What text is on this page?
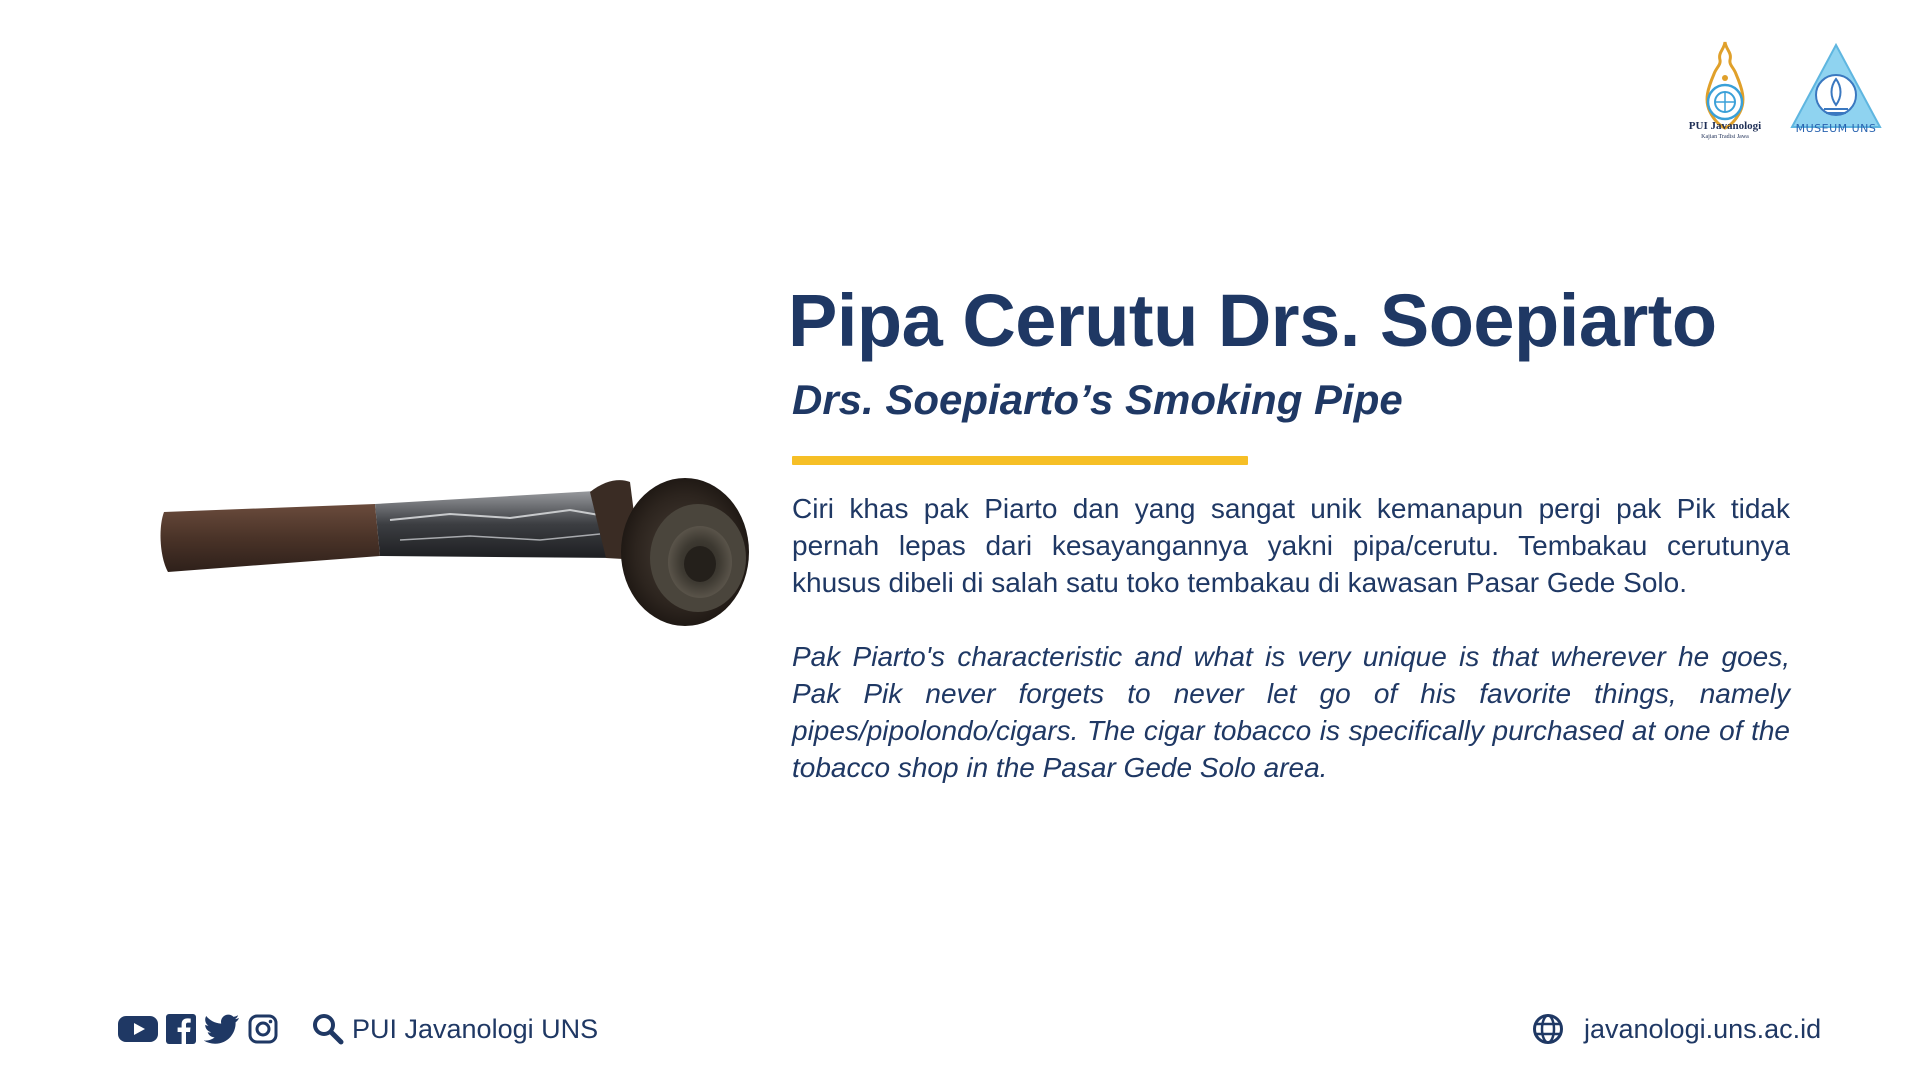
PUI Javanologi
Kajian Tradisi Jawa
MUSEUM UNS
Pipa Cerutu Drs. Soepiarto
Drs. Soepiarto’s Smoking Pipe

Ciri khas pak Piarto dan yang sangat unik kemanapun pergi pak Pik tidak pernah lepas dari kesayangannya yakni pipa/cerutu. Tembakau cerutunya khusus dibeli di salah satu toko tembakau di kawasan Pasar Gede Solo.

Pak Piarto's characteristic and what is very unique is that wherever he goes, Pak Pik never forgets to never let go of his favorite things, namely pipes/pipolondo/cigars. The cigar tobacco is specifically purchased at one of the tobacco shop in the Pasar Gede Solo area.

PUI Javanologi UNS	javanologi.uns.ac.id
